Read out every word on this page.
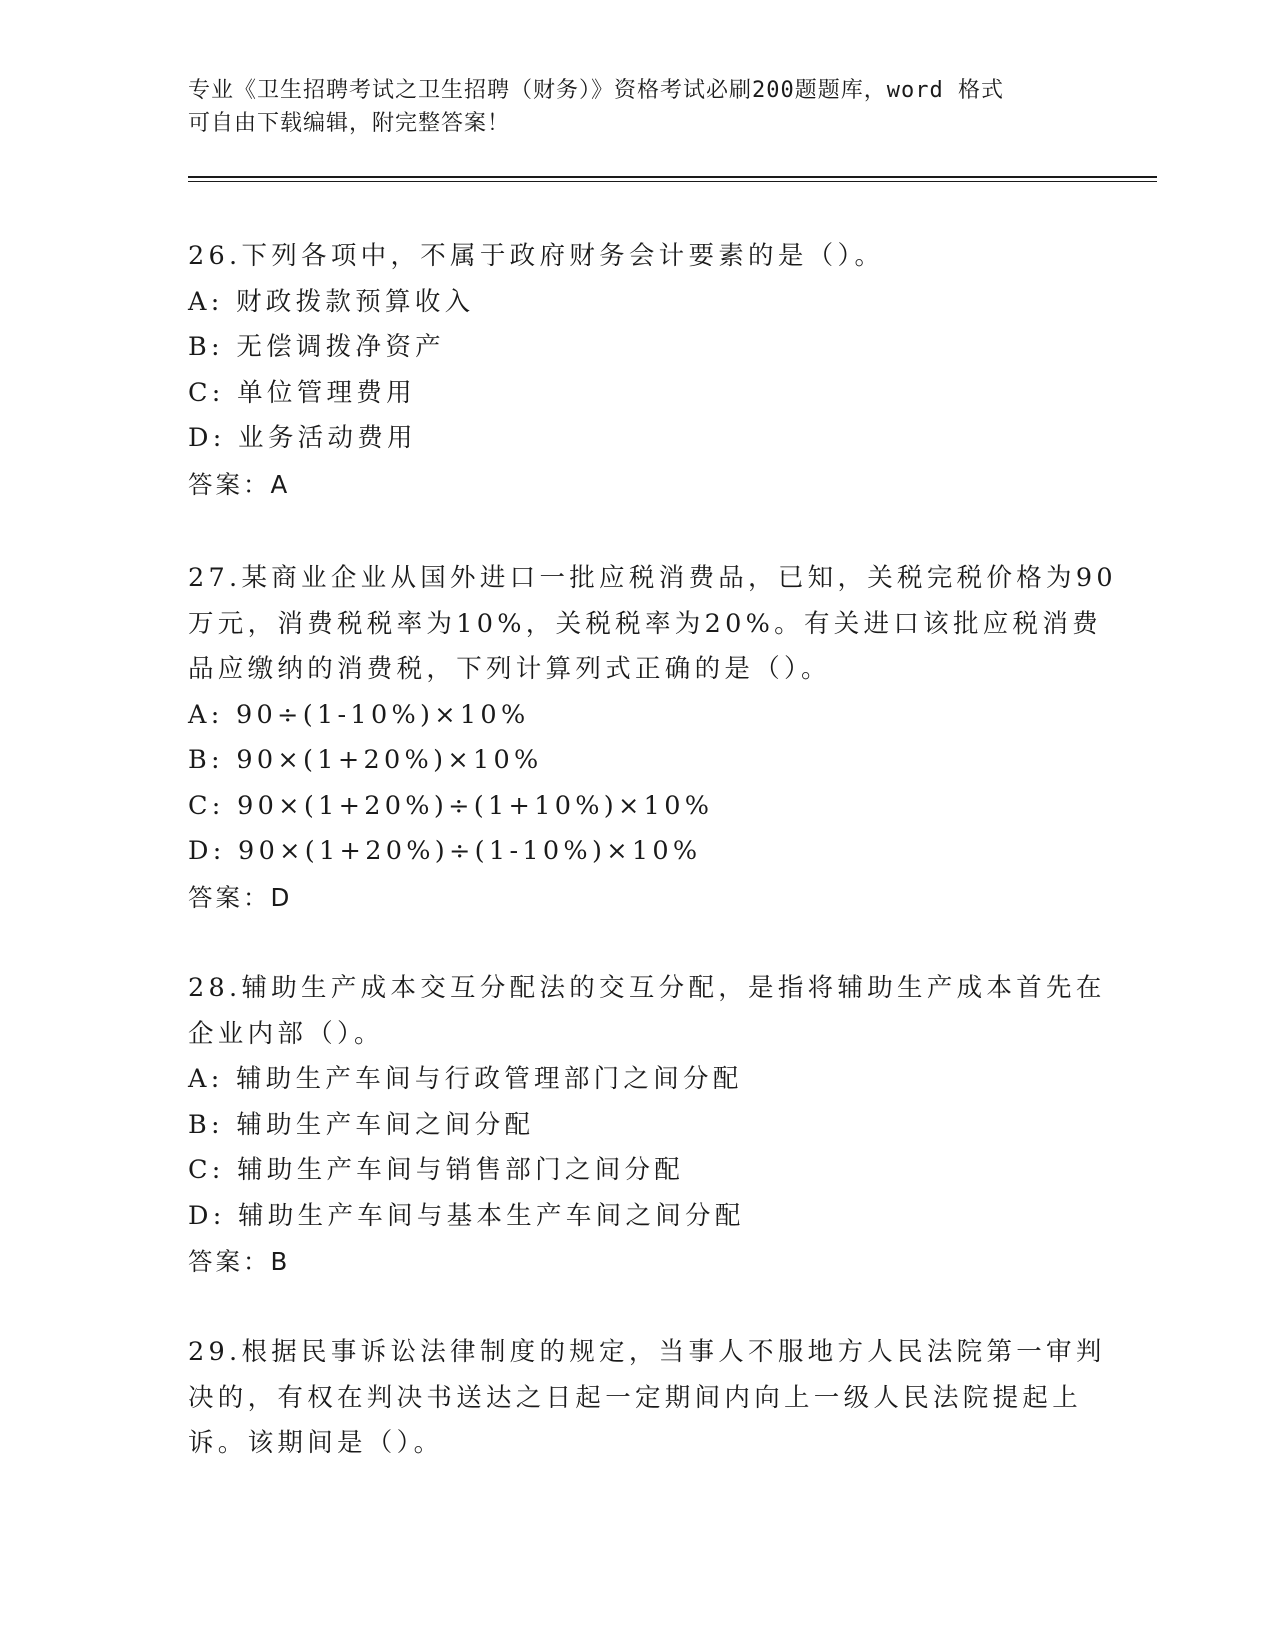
专业《卫生招聘考试之卫生招聘（财务）》资格考试必刷200题题库，word 格式
可自由下载编辑，附完整答案！
26.下列各项中，不属于政府财务会计要素的是（）。
A: 财政拨款预算收入
B: 无偿调拨净资产
C: 单位管理费用
D: 业务活动费用
答案：A
27.某商业企业从国外进口一批应税消费品，已知，关税完税价格为90
万元，消费税税率为10%，关税税率为20%。有关进口该批应税消费
品应缴纳的消费税，下列计算列式正确的是（）。
A: 90÷(1-10%)×10%
B: 90×(1+20%)×10%
C: 90×(1+20%)÷(1+10%)×10%
D: 90×(1+20%)÷(1-10%)×10%
答案：D
28.辅助生产成本交互分配法的交互分配，是指将辅助生产成本首先在
企业内部（）。
A: 辅助生产车间与行政管理部门之间分配
B: 辅助生产车间之间分配
C: 辅助生产车间与销售部门之间分配
D: 辅助生产车间与基本生产车间之间分配
答案：B
29.根据民事诉讼法律制度的规定，当事人不服地方人民法院第一审判
决的，有权在判决书送达之日起一定期间内向上一级人民法院提起上
诉。该期间是（）。
